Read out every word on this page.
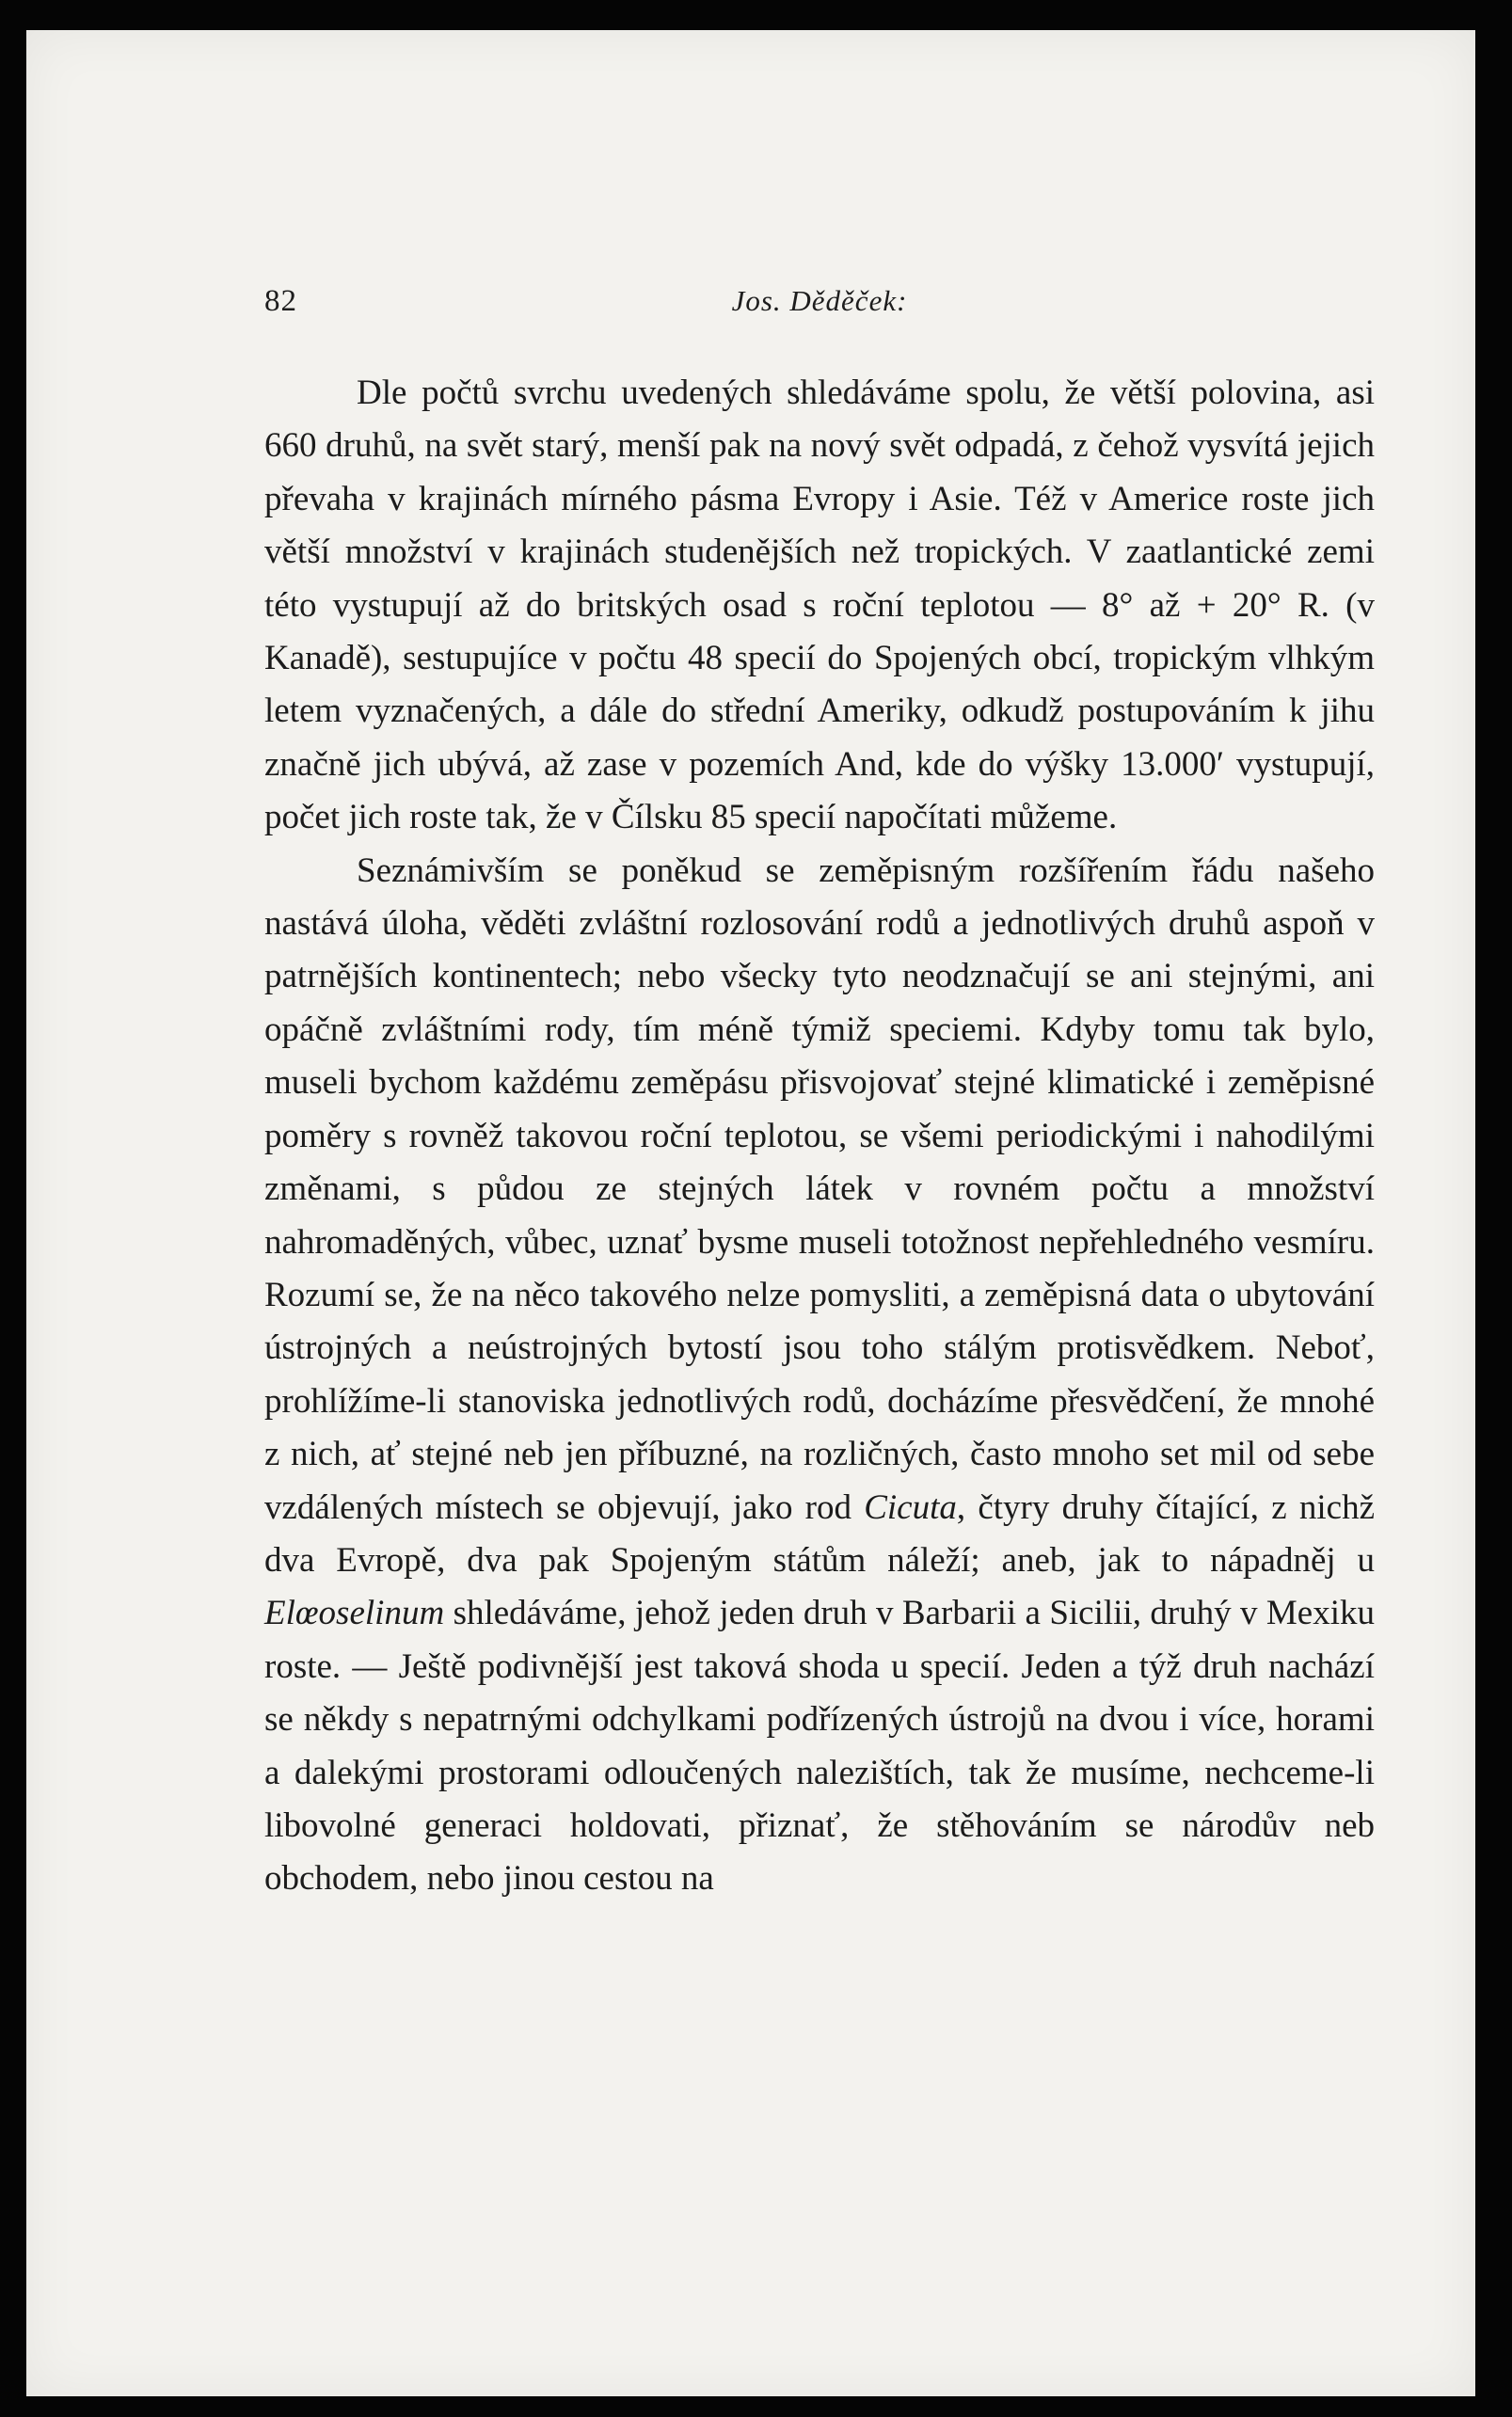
82	Jos. Děděček:

Dle počtů svrchu uvedených shledáváme spolu, že větší polovina, asi 660 druhů, na svět starý, menší pak na nový svět odpadá, z čehož vysvítá jejich převaha v krajinách mírného pásma Evropy i Asie. Též v Americe roste jich větší množství v krajinách studenějších než tropických. V zaatlantické zemi této vystupují až do britských osad s roční teplotou — 8° až + 20° R. (v Kanadě), sestupujíce v počtu 48 specií do Spojených obcí, tropickým vlhkým letem vyznačených, a dále do střední Ameriky, odkudž postupováním k jihu značně jich ubývá, až zase v pozemích And, kde do výšky 13.000′ vystupují, počet jich roste tak, že v Čílsku 85 specií napočítati můžeme.

Seznámivším se poněkud se zeměpisným rozšířením řádu našeho nastává úloha, věděti zvláštní rozlosování rodů a jednotlivých druhů aspoň v patrnějších kontinentech; nebo všecky tyto neodznačují se ani stejnými, ani opáčně zvláštními rody, tím méně týmiž speciemi. Kdyby tomu tak bylo, museli bychom každému zeměpásu přisvojovať stejné klimatické i zeměpisné poměry s rovněž takovou roční teplotou, se všemi periodickými i nahodilými změnami, s půdou ze stejných látek v rovném počtu a množství nahromaděných, vůbec, uznať bysme museli totožnost nepřehledného vesmíru. Rozumí se, že na něco takového nelze pomysliti, a zeměpisná data o ubytování ústrojných a neústrojných bytostí jsou toho stálým protisvědkem. Neboť, prohlížíme-li stanoviska jednotlivých rodů, docházíme přesvědčení, že mnohé z nich, ať stejné neb jen příbuzné, na rozličných, často mnoho set mil od sebe vzdálených místech se objevují, jako rod Cicuta, čtyry druhy čítající, z nichž dva Evropě, dva pak Spojeným státům náleží; aneb, jak to nápadněj u Elœoselinum shledáváme, jehož jeden druh v Barbarii a Sicilii, druhý v Mexiku roste. — Ještě podivnější jest taková shoda u specií. Jeden a týž druh nachází se někdy s nepatrnými odchylkami podřízených ústrojů na dvou i více, horami a dalekými prostorami odloučených nalezištích, tak že musíme, nechceme-li libovolné generaci holdovati, přiznať, že stěhováním se národův neb obchodem, nebo jinou cestou na
